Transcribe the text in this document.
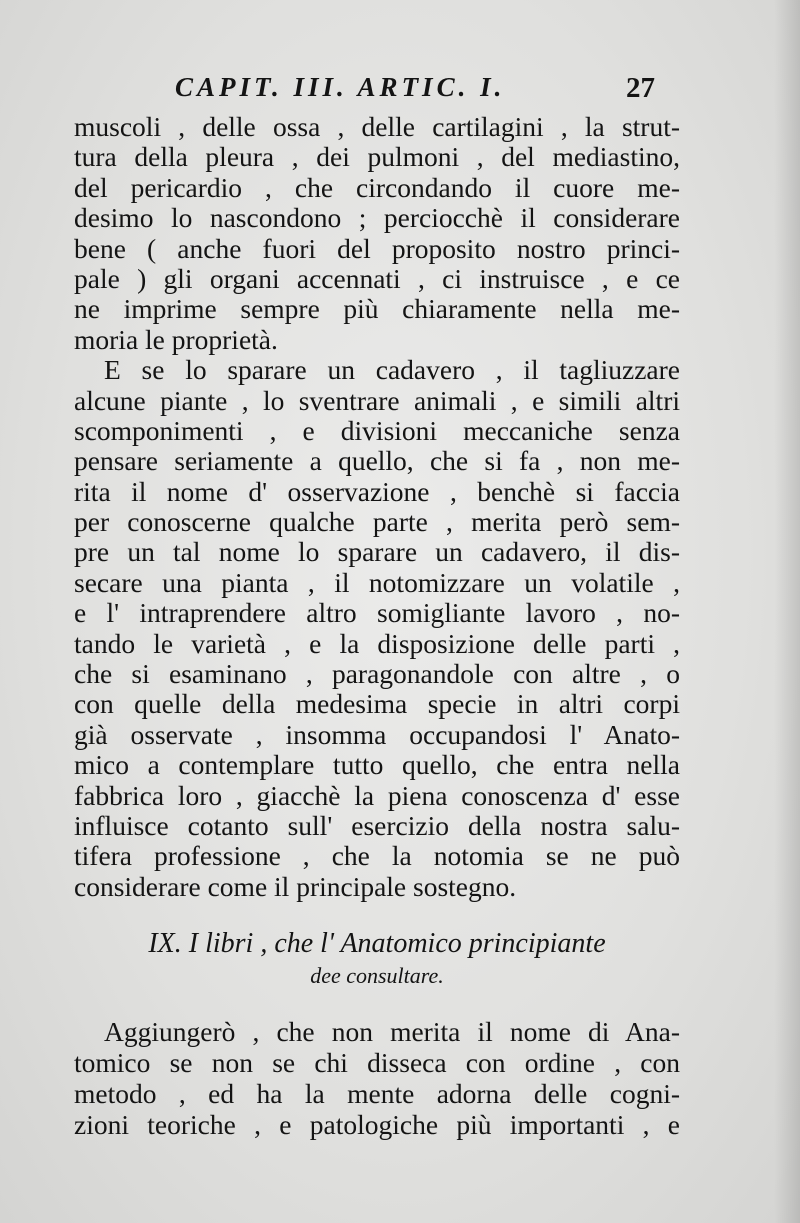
CAPIT. III. ARTIC. I.	27
muscoli , delle ossa , delle cartilagini , la strut-
tura della pleura , dei pulmoni , del mediastino,
del pericardio , che circondando il cuore me-
desimo lo nascondono ; perciocchè il considerare
bene ( anche fuori del proposito nostro princi-
pale ) gli organi accennati , ci instruisce , e ce
ne imprime sempre più chiaramente nella me-
moria le proprietà.
E se lo sparare un cadavero , il tagliuzzare
alcune piante , lo sventrare animali , e simili altri
scomponimenti , e divisioni meccaniche senza
pensare seriamente a quello, che si fa , non me-
rita il nome d' osservazione , benchè si faccia
per conoscerne qualche parte , merita però sem-
pre un tal nome lo sparare un cadavero, il dis-
secare una pianta , il notomizzare un volatile ,
e l' intraprendere altro somigliante lavoro , no-
tando le varietà , e la disposizione delle parti ,
che si esaminano , paragonandole con altre , o
con quelle della medesima specie in altri corpi
già osservate , insomma occupandosi l' Anato-
mico a contemplare tutto quello, che entra nella
fabbrica loro , giacchè la piena conoscenza d' esse
influisce cotanto sull' esercizio della nostra salu-
tifera professione , che la notomia se ne può
considerare come il principale sostegno.
IX. I libri , che l' Anatomico principiante
dee consultare.
Aggiungerò , che non merita il nome di Ana-
tomico se non se chi disseca con ordine , con
metodo , ed ha la mente adorna delle cogni-
zioni teoriche , e patologiche più importanti , e
